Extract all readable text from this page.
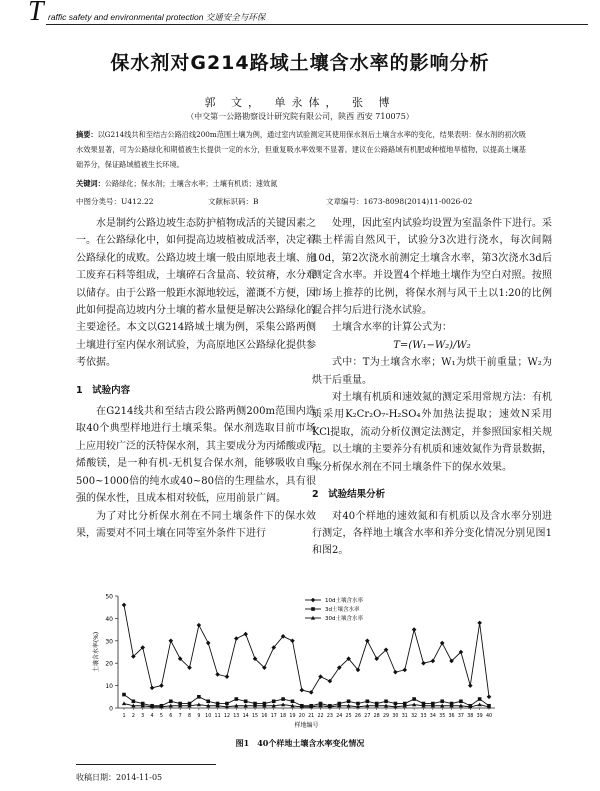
T raffic safety and environmental protection 交通安全与环保
保水剂对G214路域土壤含水率的影响分析
郭 文， 单永体， 张 博
（中交第一公路勘察设计研究院有限公司，陕西 西安 710075）
摘要：以G214线共和至结古公路沿线200m范围土壤为例，通过室内试验测定其使用保水剂后土壤含水率的变化，结果表明：保水剂的初次吸水效果显著，可为公路绿化和期植被生长提供一定的水分，但重复吸水率效果不显著。建议在公路路域有机肥或种植地旱植物，以提高土壤基础养分，保证路域植被生长环境。
关键词：公路绿化；保水剂；土壤含水率；土壤有机质；速效氮
中图分类号：U412.22	文献标识码：B	文章编号：1673-8098(2014)11-0026-02

水是制约公路边坡生态防护植物成活的关键因素之一。在公路绿化中，如何提高边坡植被成活率，决定着公路绿化的成败。公路边坡土壤一般由原地表土壤、施工废弃石料等组成，土壤碎石含量高、较贫瘠，水分难以储存。由于公路一般距水源地较远，灌溉不方便，因此如何提高边坡内分土壤的蓄水量便是解决公路绿化的主要途径。本文以G214路域土壤为例，采集公路两侧土壤进行室内保水剂试验，为高原地区公路绿化提供参考依据。

1　试验内容

在G214线共和至结古段公路两侧200m范围内选取40个典型样地进行土壤采集。保水剂选取目前市场上应用较广泛的沃特保水剂，其主要成分为丙烯酸或丙烯酸镁，是一种有机-无机复合保水剂，能够吸收自重500~1000倍的纯水或40~80倍的生理盐水，具有很强的保水性，且成本相对较低，应用前景广阔。

为了对比分析保水剂在不同土壤条件下的保水效果，需要对不同土壤在同等室外条件下进行

处理，因此室内试验均设置为室温条件下进行。采集土样需自然风干，试验分3次进行浇水，每次间隔10d，第2次浇水前测定土壤含水率，第3次浇水3d后测定含水率。并设置4个样地土壤作为空白对照。按照市场上推荐的比例，将保水剂与风干土以1:20的比例混合拌匀后进行浇水试验。

土壤含水率的计算公式为：

T=(W₁−W₂)/W₂

式中：T为土壤含水率；W₁为烘干前重量；W₂为烘干后重量。

对土壤有机质和速效氮的测定采用常规方法：有机质采用K₂Cr₂O₇-H₂SO₄外加热法提取；速效N采用KCl提取，流动分析仪测定法测定，并参照国家相关规范。以土壤的主要养分有机质和速效氮作为背景数据，来分析保水剂在不同土壤条件下的保水效果。

2　试验结果分析

对40个样地的速效氮和有机质以及含水率分别进行测定，各样地土壤含水率和养分变化情况分别见图1和图2。

0
10
20
30
40
50
1 2 3 4 5 6 7 8 9 10 11 12 13 14 15 16 17 18 19 20 21 22 23 24 25 26 27 28 29 30 31 32 33 34 35 36 37 38 39 40
土壤含水率(%)
样地编号
10d土壤含水率
3d土壤含水率
30d土壤含水率
图1　40个样地土壤含水率变化情况
收稿日期：2014-11-05
